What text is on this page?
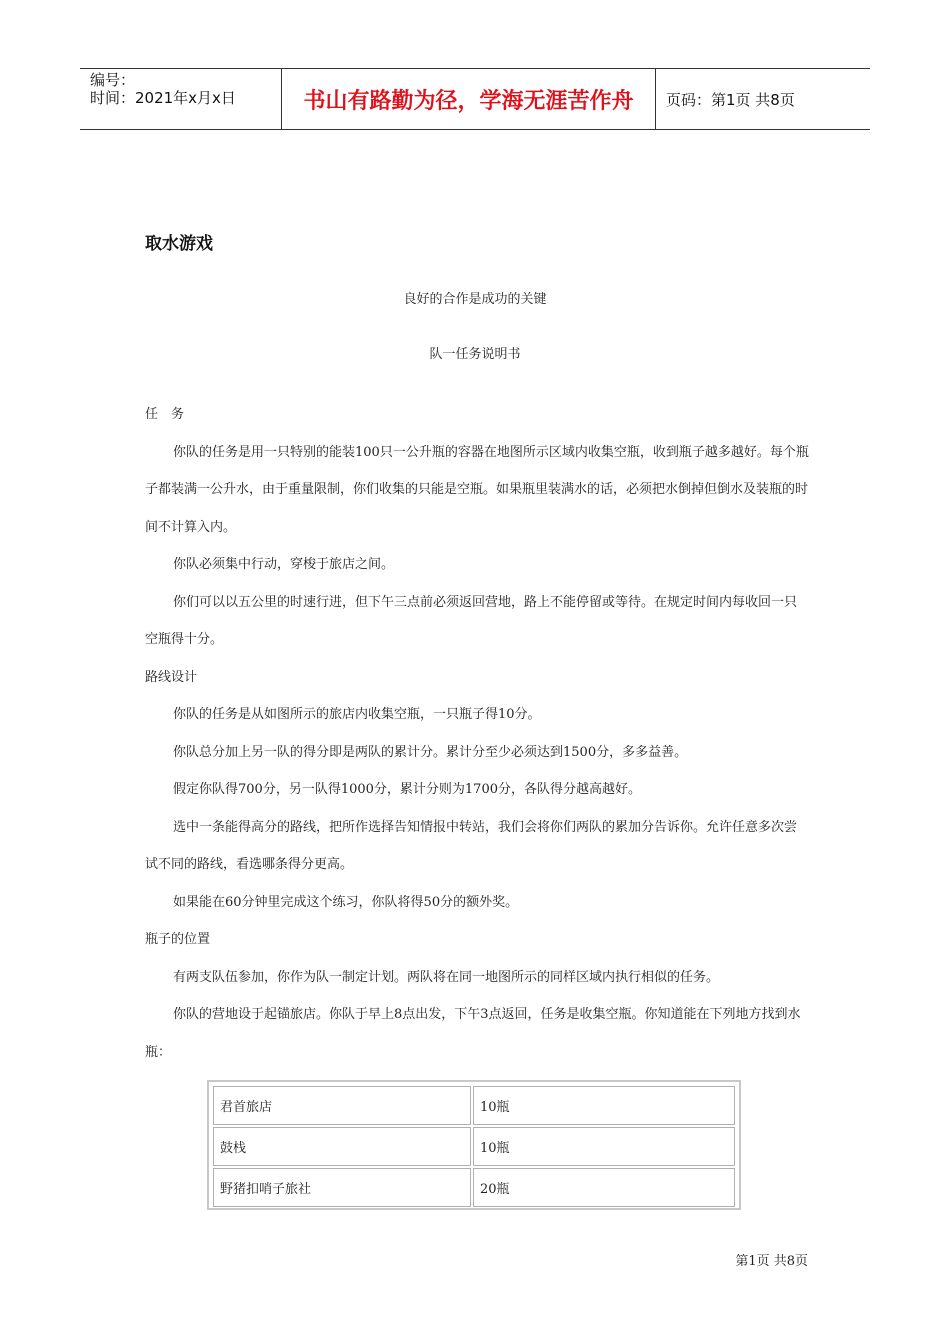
编号：
时间：2021年x月x日	书山有路勤为径，学海无涯苦作舟	页码：第1页 共8页
取水游戏
良好的合作是成功的关键
队一任务说明书

任　务

你队的任务是用一只特别的能装100只一公升瓶的容器在地图所示区域内收集空瓶，收到瓶子越多越好。每个瓶子都装满一公升水，由于重量限制，你们收集的只能是空瓶。如果瓶里装满水的话，必须把水倒掉但倒水及装瓶的时间不计算入内。

你队必须集中行动，穿梭于旅店之间。

你们可以以五公里的时速行进，但下午三点前必须返回营地，路上不能停留或等待。在规定时间内每收回一只空瓶得十分。

路线设计

你队的任务是从如图所示的旅店内收集空瓶，一只瓶子得10分。

你队总分加上另一队的得分即是两队的累计分。累计分至少必须达到1500分，多多益善。

假定你队得700分，另一队得1000分，累计分则为1700分，各队得分越高越好。

选中一条能得高分的路线，把所作选择告知情报中转站，我们会将你们两队的累加分告诉你。允许任意多次尝试不同的路线，看选哪条得分更高。

如果能在60分钟里完成这个练习，你队将得50分的额外奖。

瓶子的位置

有两支队伍参加，你作为队一制定计划。两队将在同一地图所示的同样区域内执行相似的任务。

你队的营地设于起锚旅店。你队于早上8点出发，下午3点返回，任务是收集空瓶。你知道能在下列地方找到水瓶：

君首旅店	10瓶
鼓栈	10瓶
野猪扣哨子旅社	20瓶
第1页 共8页
